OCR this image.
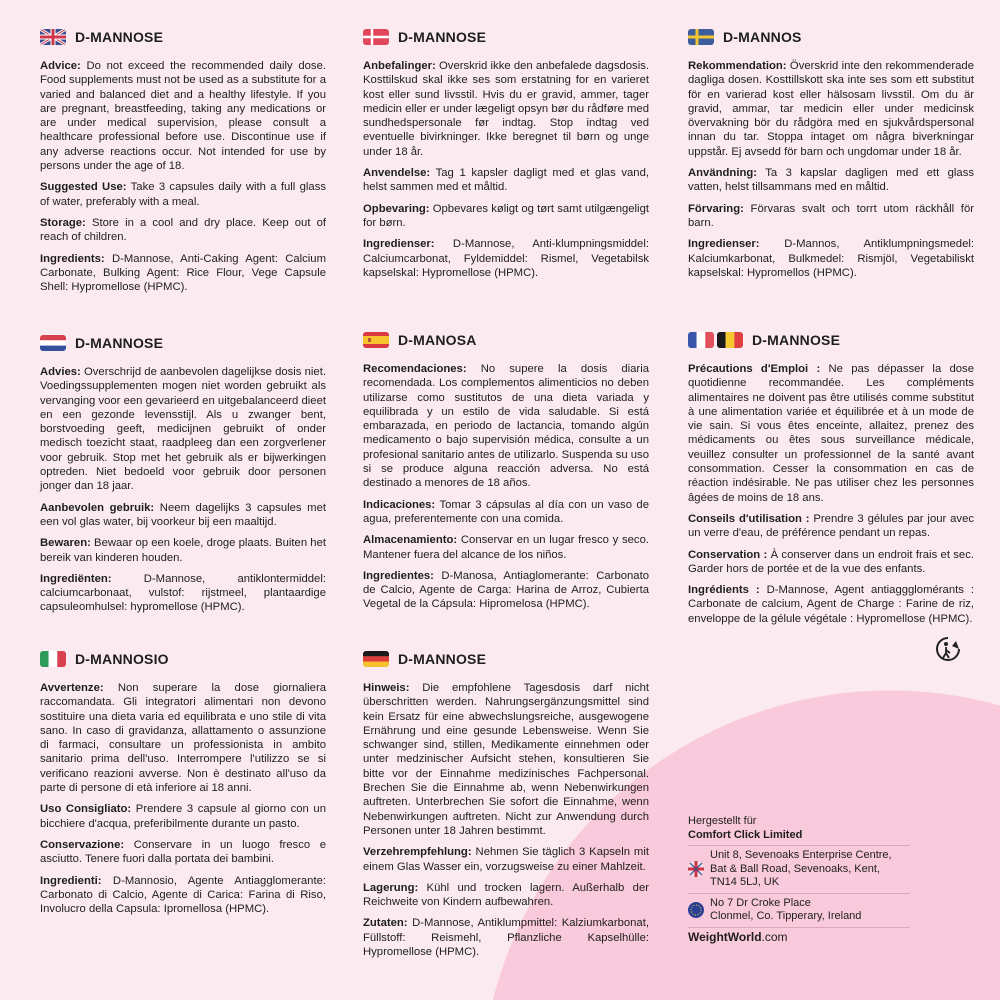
D-MANNOSE

Advice: Do not exceed the recommended daily dose. Food supplements must not be used as a substitute for a varied and balanced diet and a healthy lifestyle. If you are pregnant, breastfeeding, taking any medications or are under medical supervision, please consult a healthcare professional before use. Discontinue use if any adverse reactions occur. Not intended for use by persons under the age of 18.

Suggested Use: Take 3 capsules daily with a full glass of water, preferably with a meal.

Storage: Store in a cool and dry place. Keep out of reach of children.

Ingredients: D-Mannose, Anti-Caking Agent: Calcium Carbonate, Bulking Agent: Rice Flour, Vege Capsule Shell: Hypromellose (HPMC).

D-MANNOSE

Advies: Overschrijd de aanbevolen dagelijkse dosis niet. Voedingssupplementen mogen niet worden gebruikt als vervanging voor een gevarieerd en uitgebalanceerd dieet en een gezonde levensstijl. Als u zwanger bent, borstvoeding geeft, medicijnen gebruikt of onder medisch toezicht staat, raadpleeg dan een zorgverlener voor gebruik. Stop met het gebruik als er bijwerkingen optreden. Niet bedoeld voor gebruik door personen jonger dan 18 jaar.

Aanbevolen gebruik: Neem dagelijks 3 capsules met een vol glas water, bij voorkeur bij een maaltijd.

Bewaren: Bewaar op een koele, droge plaats. Buiten het bereik van kinderen houden.

Ingrediënten: D-Mannose, antiklontermiddel: calciumcarbonaat, vulstof: rijstmeel, plantaardige capsuleomhulsel: hypromellose (HPMC).

D-MANNOSIO

Avvertenze: Non superare la dose giornaliera raccomandata. Gli integratori alimentari non devono sostituire una dieta varia ed equilibrata e uno stile di vita sano. In caso di gravidanza, allattamento o assunzione di farmaci, consultare un professionista in ambito sanitario prima dell'uso. Interrompere l'utilizzo se si verificano reazioni avverse. Non è destinato all'uso da parte di persone di età inferiore ai 18 anni.

Uso Consigliato: Prendere 3 capsule al giorno con un bicchiere d'acqua, preferibilmente durante un pasto.

Conservazione: Conservare in un luogo fresco e asciutto. Tenere fuori dalla portata dei bambini.

Ingredienti: D-Mannosio, Agente Antiagglomerante: Carbonato di Calcio, Agente di Carica: Farina di Riso, Involucro della Capsula: Ipromellosa (HPMC).

D-MANNOSE

Anbefalinger: Overskrid ikke den anbefalede dagsdosis. Kosttilskud skal ikke ses som erstatning for en varieret kost eller sund livsstil. Hvis du er gravid, ammer, tager medicin eller er under lægeligt opsyn bør du rådføre med sundhedspersonale før indtag. Stop indtag ved eventuelle bivirkninger. Ikke beregnet til børn og unge under 18 år.

Anvendelse: Tag 1 kapsler dagligt med et glas vand, helst sammen med et måltid.

Opbevaring: Opbevares køligt og tørt samt utilgængeligt for børn.

Ingredienser: D-Mannose, Anti-klumpningsmiddel: Calciumcarbonat, Fyldemiddel: Rismel, Vegetabilsk kapselskal: Hypromellose (HPMC).

D-MANOSA

Recomendaciones: No supere la dosis diaria recomendada. Los complementos alimenticios no deben utilizarse como sustitutos de una dieta variada y equilibrada y un estilo de vida saludable. Si está embarazada, en periodo de lactancia, tomando algún medicamento o bajo supervisión médica, consulte a un profesional sanitario antes de utilizarlo. Suspenda su uso si se produce alguna reacción adversa. No está destinado a menores de 18 años.

Indicaciones: Tomar 3 cápsulas al día con un vaso de agua, preferentemente con una comida.

Almacenamiento: Conservar en un lugar fresco y seco. Mantener fuera del alcance de los niños.

Ingredientes: D-Manosa, Antiaglomerante: Carbonato de Calcio, Agente de Carga: Harina de Arroz, Cubierta Vegetal de la Cápsula: Hipromelosa (HPMC).

D-MANNOSE

Hinweis: Die empfohlene Tagesdosis darf nicht überschritten werden. Nahrungsergänzungsmittel sind kein Ersatz für eine abwechslungsreiche, ausgewogene Ernährung und eine gesunde Lebensweise. Wenn Sie schwanger sind, stillen, Medikamente einnehmen oder unter medzinischer Aufsicht stehen, konsultieren Sie bitte vor der Einnahme medizinisches Fachpersonal. Brechen Sie die Einnahme ab, wenn Nebenwirkungen auftreten. Unterbrechen Sie sofort die Einnahme, wenn Nebenwirkungen auftreten. Nicht zur Anwendung durch Personen unter 18 Jahren bestimmt.

Verzehrempfehlung: Nehmen Sie täglich 3 Kapseln mit einem Glas Wasser ein, vorzugsweise zu einer Mahlzeit.

Lagerung: Kühl und trocken lagern. Außerhalb der Reichweite von Kindern aufbewahren.

Zutaten: D-Mannose, Antiklumpmittel: Kalziumkarbonat, Füllstoff: Reismehl, Pflanzliche Kapselhülle: Hypromellose (HPMC).

D-MANNOS

Rekommendation: Överskrid inte den rekommenderade dagliga dosen. Kosttillskott ska inte ses som ett substitut för en varierad kost eller hälsosam livsstil. Om du är gravid, ammar, tar medicin eller under medicinsk övervakning bör du rådgöra med en sjukvårdspersonal innan du tar. Stoppa intaget om några biverkningar uppstår. Ej avsedd för barn och ungdomar under 18 år.

Användning: Ta 3 kapslar dagligen med ett glass vatten, helst tillsammans med en måltid.

Förvaring: Förvaras svalt och torrt utom räckhåll för barn.

Ingredienser: D-Mannos, Antiklumpningsmedel: Kalciumkarbonat, Bulkmedel: Rismjöl, Vegetabiliskt kapselskal: Hypromellos (HPMC).

D-MANNOSE

Précautions d'Emploi : Ne pas dépasser la dose quotidienne recommandée. Les compléments alimentaires ne doivent pas être utilisés comme substitut à une alimentation variée et équilibrée et à un mode de vie sain. Si vous êtes enceinte, allaitez, prenez des médicaments ou êtes sous surveillance médicale, veuillez consulter un professionnel de la santé avant consommation. Cesser la consommation en cas de réaction indésirable. Ne pas utiliser chez les personnes âgées de moins de 18 ans.

Conseils d'utilisation : Prendre 3 gélules par jour avec un verre d'eau, de préférence pendant un repas.

Conservation : À conserver dans un endroit frais et sec. Garder hors de portée et de la vue des enfants.

Ingrédients : D-Mannose, Agent antiaggglomérants : Carbonate de calcium, Agent de Charge : Farine de riz, enveloppe de la gélule végétale : Hypromellose (HPMC).

Hergestellt für
Comfort Click Limited
Unit 8, Sevenoaks Enterprise Centre,
Bat & Ball Road, Sevenoaks, Kent,
TN14 5LJ, UK
No 7 Dr Croke Place
Clonmel, Co. Tipperary, Ireland
WeightWorld .com
